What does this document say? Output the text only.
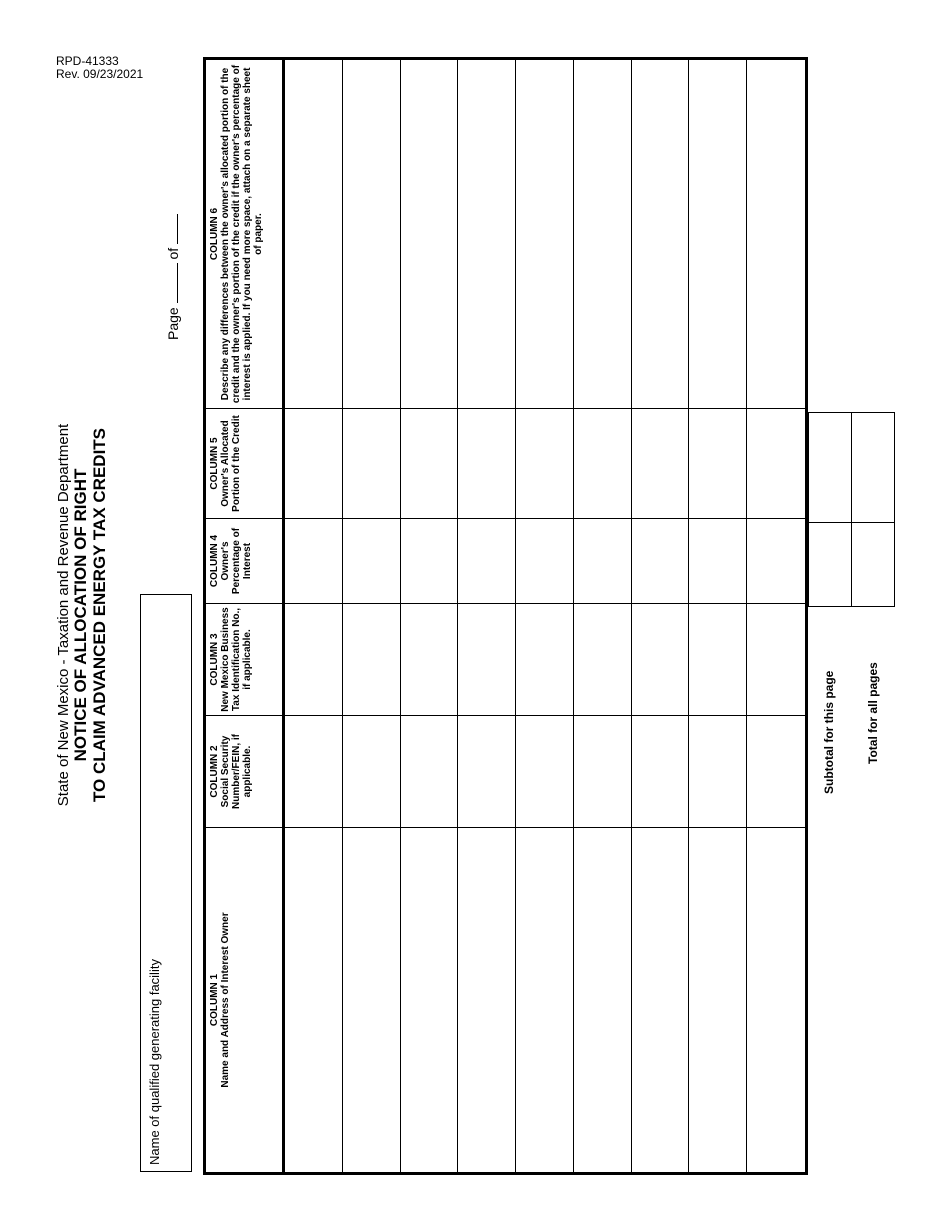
RPD-41333
Rev. 09/23/2021
State of New Mexico - Taxation and Revenue Department NOTICE OF ALLOCATION OF RIGHT TO CLAIM ADVANCED ENERGY TAX CREDITS
Name of qualified generating facility
Page  of
COLUMN 1 Name and Address of Interest Owner
COLUMN 2 Social Security Number/FEIN, if applicable.
COLUMN 3 New Mexico Business Tax Identification No., if applicable.
COLUMN 4 Owner's Percentage of Interest
COLUMN 5 Owner's Allocated Portion of the Credit
COLUMN 6 Describe any differences between the owner's allocated portion of the credit and the owner's portion of the credit if the owner's percentage of interest is applied. If you need more space, attach on a separate sheet of paper.
Subtotal for this page	Total for all pages
